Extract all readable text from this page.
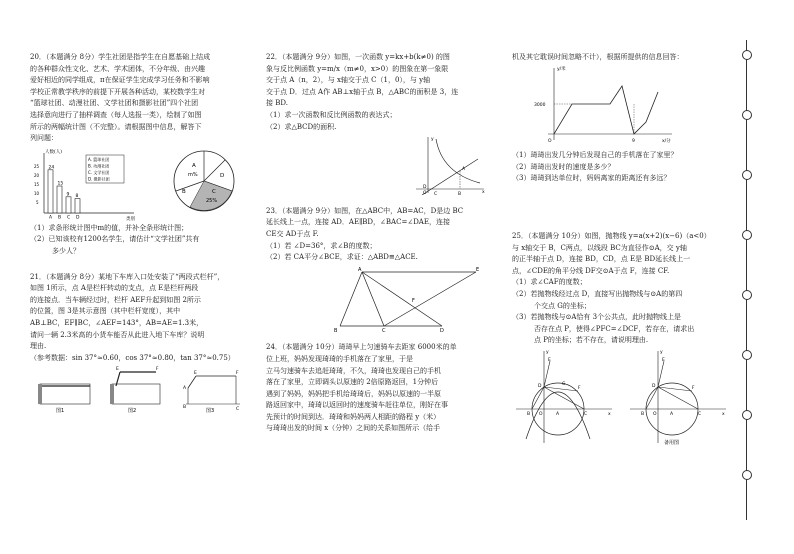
20．（本题满分 8分）学生社团是指学生在自愿基础上结成

的各种群众性文化、艺术、学术团体，不分年级、由兴趣

爱好相近的同学组成，π在保证学生完成学习任务和不影响

学校正常教学秩序的前提下开展各种活动，某校数学生对

“篮球社团、动漫社团、文学社团和摄影社团”四个社团

选择意向进行了抽样调查（每人选报一类），绘制了如图

所示的两幅统计图（不完整）。请根据图中信息，解答下

列问题：

人数(人)
类别
5
10
15
20
25 24
A
15
B
9
C
8
D
A. 篮球社团
B. 动漫社团
C. 文学社团
D. 摄影社团
A
m%
B	C
25%
D

（1）求条形统计图中m的值，并补全条形统计图；

（2）已知该校有1200名学生，请估计“文学社团”共有

多少人？

21．（本题满分 8分）某地下车库入口处安装了“两段式栏杆”，

如图 1所示，点 A是栏杆转动的支点，点 E是栏杆两段

的连接点．当车辆经过时，栏杆 AEF升起到如图 2所示

的位置，图 3是其示意图（其中栏杆宽度），其中

AB⊥BC，EF∥BC，∠AEF=143°，AB=AE=1.3米，

请问一辆 2.3米高的小货车能否从此进入地下车库？说明

理由.

（参考数据：sin 37°≈0.60，cos 37°≈0.80，tan 37°≈0.75）

图1
E	F
图2
E	F
A
B	C
图3

22．（本题满分 9分）如图，一次函数 y=kx+b(k≠0) 的图

象与反比例函数 y=m/x（m≠0，x>0）的图象在第一象限

交于点 A（n，2），与 x轴交于点 C（1，0），与 y轴

交于点 D．过点 A作 AB⊥x轴于点 B，△ABC的面积是 3，连

接 BD.

（1）求一次函数和反比例函数的表达式；

（2）求△BCD的面积.

y
x
O
A
B
C
D

23．（本题满分 9分）如图，在△ABC中，AB=AC，D是边 BC

延长线上一点，连接 AD．AE∥BD，∠BAC=∠DAE，连接

CE交 AD于点 F.

（1）若 ∠D=36°，求∠B的度数；

（2）若 CA平分∠BCE，求证：△ABD≌△ACE.

A	E
B	C	D
F

24．（本题满分 10分）琦琦早上匀速骑车去距家 6000米的单

位上班，妈妈发现琦琦的手机落在了家里，于是

立马匀速骑车去追赶琦琦，不久，琦琦也发现自己的手机

落在了家里，立即调头以原速的 2倍原路返回，1分钟后

遇到了妈妈，妈妈把手机给琦琦后，妈妈以原速的一半原

路返回家中，琦琦以返回时的速度骑车赶往单位，刚好在事

先预计的时间到达．琦琦和妈妈两人相距的路程 y（米）

与琦琦出发的时间 x（分钟）之间的关系如图所示（给手

机及其它耽误时间忽略不计），根据所提供的信息回答：

y/米
x/分
3000
9
O

（1）琦琦出发几分钟后发现自己的手机落在了家里？

（2）琦琦出发时的速度是多少？

（3）琦琦到达单位时，妈妈离家的距离还有多远？

25．（本题满分 10分）如图，抛物线 y=a(x+2)(x−6)（a<0）

与 x轴交于 B，C两点，以线段 BC为直径作⊙A，交 y轴

的正半轴于点 D，连接 BD，CD，点 E是 BD延长线上一

点，∠CDE的角平分线 DF交⊙A于点 F，连接 CF.

（1）求∠CAF的度数；

（2）若抛物线经过点 D，直接写出抛物线与⊙A的第四

个交点 G的坐标；

（3）若抛物线与⊙A恰有 3个公共点，此时抛物线上是

否存在点 P，使得∠PFC=∠DCF，若存在，请求出

点 P的坐标；若不存在，请说明理由.

E
D	F
B O	A	C
G
x
y
E
D	F
B O	A	C	x
y
备用图
